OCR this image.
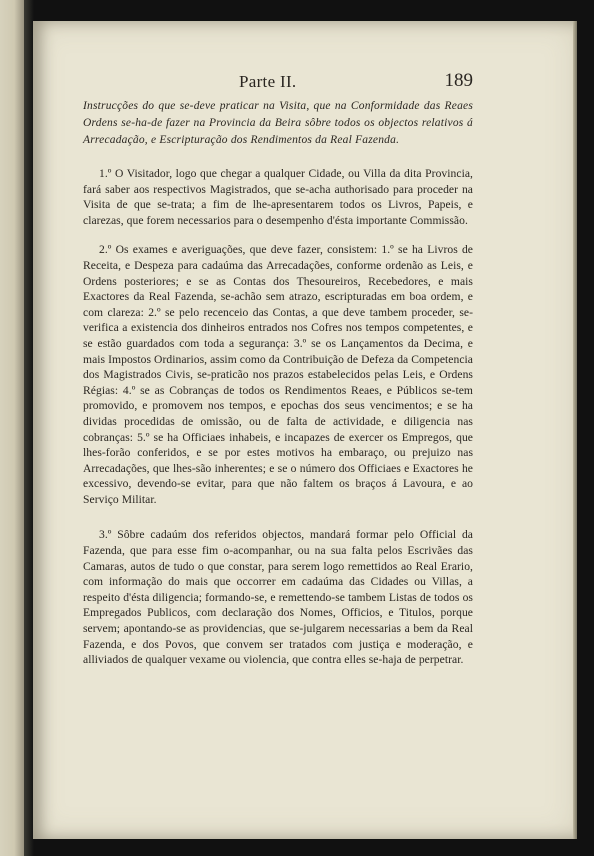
Parte II.	189

Instrucções do que se-deve praticar na Visita, que na Conformidade das Reaes Ordens se-ha-de fazer na Provincia da Beira sôbre todos os objectos relativos á Arrecadação, e Escripturação dos Rendimentos da Real Fazenda.

1.º O Visitador, logo que chegar a qualquer Cidade, ou Villa da dita Provincia, fará saber aos respectivos Magistrados, que se-acha authorisado para proceder na Visita de que se-trata; a fim de lhe-apresentarem todos os Livros, Papeis, e clarezas, que forem necessarios para o desempenho d'ésta importante Commissão.

2.º Os exames e averiguações, que deve fazer, consistem: 1.º se ha Livros de Receita, e Despeza para cadaúma das Arrecadações, conforme ordenão as Leis, e Ordens posteriores; e se as Contas dos Thesoureiros, Recebedores, e mais Exactores da Real Fazenda, se-achão sem atrazo, escripturadas em boa ordem, e com clareza: 2.º se pelo recenceio das Contas, a que deve tambem proceder, se-verifica a existencia dos dinheiros entrados nos Cofres nos tempos competentes, e se estão guardados com toda a segurança: 3.º se os Lançamentos da Decima, e mais Impostos Ordinarios, assim como da Contribuição de Defeza da Competencia dos Magistrados Civis, se-praticão nos prazos estabelecidos pelas Leis, e Ordens Régias: 4.º se as Cobranças de todos os Rendimentos Reaes, e Públicos se-tem promovido, e promovem nos tempos, e epochas dos seus vencimentos; e se ha dividas procedidas de omissão, ou de falta de actividade, e diligencia nas cobranças: 5.º se ha Officiaes inhabeis, e incapazes de exercer os Empregos, que lhes-forão conferidos, e se por estes motivos ha embaraço, ou prejuizo nas Arrecadações, que lhes-são inherentes; e se o número dos Officiaes e Exactores he excessivo, devendo-se evitar, para que não faltem os braços á Lavoura, e ao Serviço Militar.

3.º Sôbre cadaúm dos referidos objectos, mandará formar pelo Official da Fazenda, que para esse fim o-acompanhar, ou na sua falta pelos Escrivães das Camaras, autos de tudo o que constar, para serem logo remettidos ao Real Erario, com informação do mais que occorrer em cadaúma das Cidades ou Villas, a respeito d'ésta diligencia; formando-se, e remettendo-se tambem Listas de todos os Empregados Publicos, com declaração dos Nomes, Officios, e Titulos, porque servem; apontando-se as providencias, que se-julgarem necessarias a bem da Real Fazenda, e dos Povos, que convem ser tratados com justiça e moderação, e alliviados de qualquer vexame ou violencia, que contra elles se-haja de perpetrar.
